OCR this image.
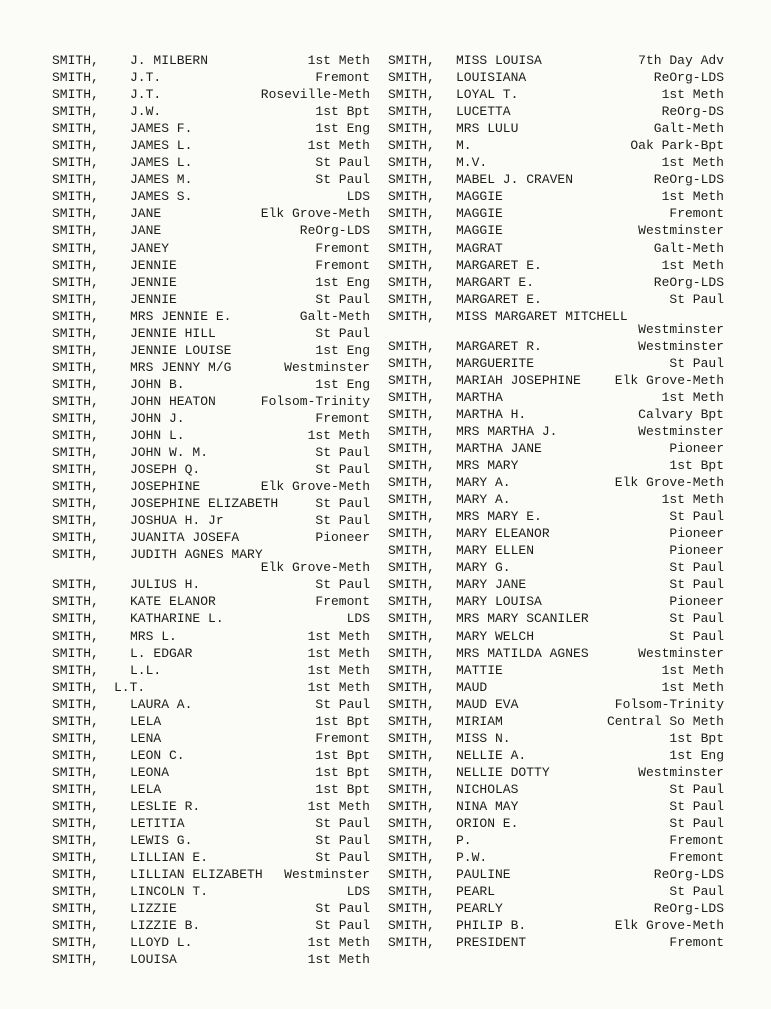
SMITH, J. MILBERN	1st Meth
SMITH, J.T.	Fremont
SMITH, J.T.	Roseville-Meth
SMITH, J.W.	1st Bpt
SMITH, JAMES F.	1st Eng
SMITH, JAMES L.	1st Meth
SMITH, JAMES L.	St Paul
SMITH, JAMES M.	St Paul
SMITH, JAMES S.	LDS
SMITH, JANE	Elk Grove-Meth
SMITH, JANE	ReOrg-LDS
SMITH, JANEY	Fremont
SMITH, JENNIE	Fremont
SMITH, JENNIE	1st Eng
SMITH, JENNIE	St Paul
SMITH, MRS JENNIE E.	Galt-Meth
SMITH, JENNIE HILL	St Paul
SMITH, JENNIE LOUISE	1st Eng
SMITH, MRS JENNY M/G	Westminster
SMITH, JOHN B.	1st Eng
SMITH, JOHN HEATON	Folsom-Trinity
SMITH, JOHN J.	Fremont
SMITH, JOHN L.	1st Meth
SMITH, JOHN W. M.	St Paul
SMITH, JOSEPH Q.	St Paul
SMITH, JOSEPHINE	Elk Grove-Meth
SMITH, JOSEPHINE ELIZABETH	St Paul
SMITH, JOSHUA H. Jr	St Paul
SMITH, JUANITA JOSEFA	Pioneer
SMITH, JUDITH AGNES MARY
Elk Grove-Meth
SMITH, JULIUS H.	St Paul
SMITH, KATE ELANOR	Fremont
SMITH, KATHARINE L.	LDS
SMITH, MRS L.	1st Meth
SMITH, L. EDGAR	1st Meth
SMITH, L.L.	1st Meth
SMITH, L.T.	1st Meth
SMITH, LAURA A.	St Paul
SMITH, LELA	1st Bpt
SMITH, LENA	Fremont
SMITH, LEON C.	1st Bpt
SMITH, LEONA	1st Bpt
SMITH, LELA	1st Bpt
SMITH, LESLIE R.	1st Meth
SMITH, LETITIA	St Paul
SMITH, LEWIS G.	St Paul
SMITH, LILLIAN E.	St Paul
SMITH, LILLIAN ELIZABETH Westminster
SMITH, LINCOLN T.	LDS
SMITH, LIZZIE	St Paul
SMITH, LIZZIE B.	St Paul
SMITH, LLOYD L.	1st Meth
SMITH, LOUISA	1st Meth
SMITH, MISS LOUISA	7th Day Adv
SMITH, LOUISIANA	ReOrg-LDS
SMITH, LOYAL T.	1st Meth
SMITH, LUCETTA	ReOrg-DS
SMITH, MRS LULU	Galt-Meth
SMITH, M.	Oak Park-Bpt
SMITH, M.V.	1st Meth
SMITH, MABEL J. CRAVEN	ReOrg-LDS
SMITH, MAGGIE	1st Meth
SMITH, MAGGIE	Fremont
SMITH, MAGGIE	Westminster
SMITH, MAGRAT	Galt-Meth
SMITH, MARGARET E.	1st Meth
SMITH, MARGART E.	ReOrg-LDS
SMITH, MARGARET E.	St Paul
SMITH, MISS MARGARET MITCHELL
Westminster
SMITH, MARGARET R.	Westminster
SMITH, MARGUERITE	St Paul
SMITH, MARIAH JOSEPHINE	Elk Grove-Meth
SMITH, MARTHA	1st Meth
SMITH, MARTHA H.	Calvary Bpt
SMITH, MRS MARTHA J.	Westminster
SMITH, MARTHA JANE	Pioneer
SMITH, MRS MARY	1st Bpt
SMITH, MARY A.	Elk Grove-Meth
SMITH, MARY A.	1st Meth
SMITH, MRS MARY E.	St Paul
SMITH, MARY ELEANOR	Pioneer
SMITH, MARY ELLEN	Pioneer
SMITH, MARY G.	St Paul
SMITH, MARY JANE	St Paul
SMITH, MARY LOUISA	Pioneer
SMITH, MRS MARY SCANILER	St Paul
SMITH, MARY WELCH	St Paul
SMITH, MRS MATILDA AGNES	Westminster
SMITH, MATTIE	1st Meth
SMITH, MAUD	1st Meth
SMITH, MAUD EVA	Folsom-Trinity
SMITH, MIRIAM	Central So Meth
SMITH, MISS N.	1st Bpt
SMITH, NELLIE A.	1st Eng
SMITH, NELLIE DOTTY	Westminster
SMITH, NICHOLAS	St Paul
SMITH, NINA MAY	St Paul
SMITH, ORION E.	St Paul
SMITH, P.	Fremont
SMITH, P.W.	Fremont
SMITH, PAULINE	ReOrg-LDS
SMITH, PEARL	St Paul
SMITH, PEARLY	ReOrg-LDS
SMITH, PHILIP B.	Elk Grove-Meth
SMITH, PRESIDENT	Fremont
